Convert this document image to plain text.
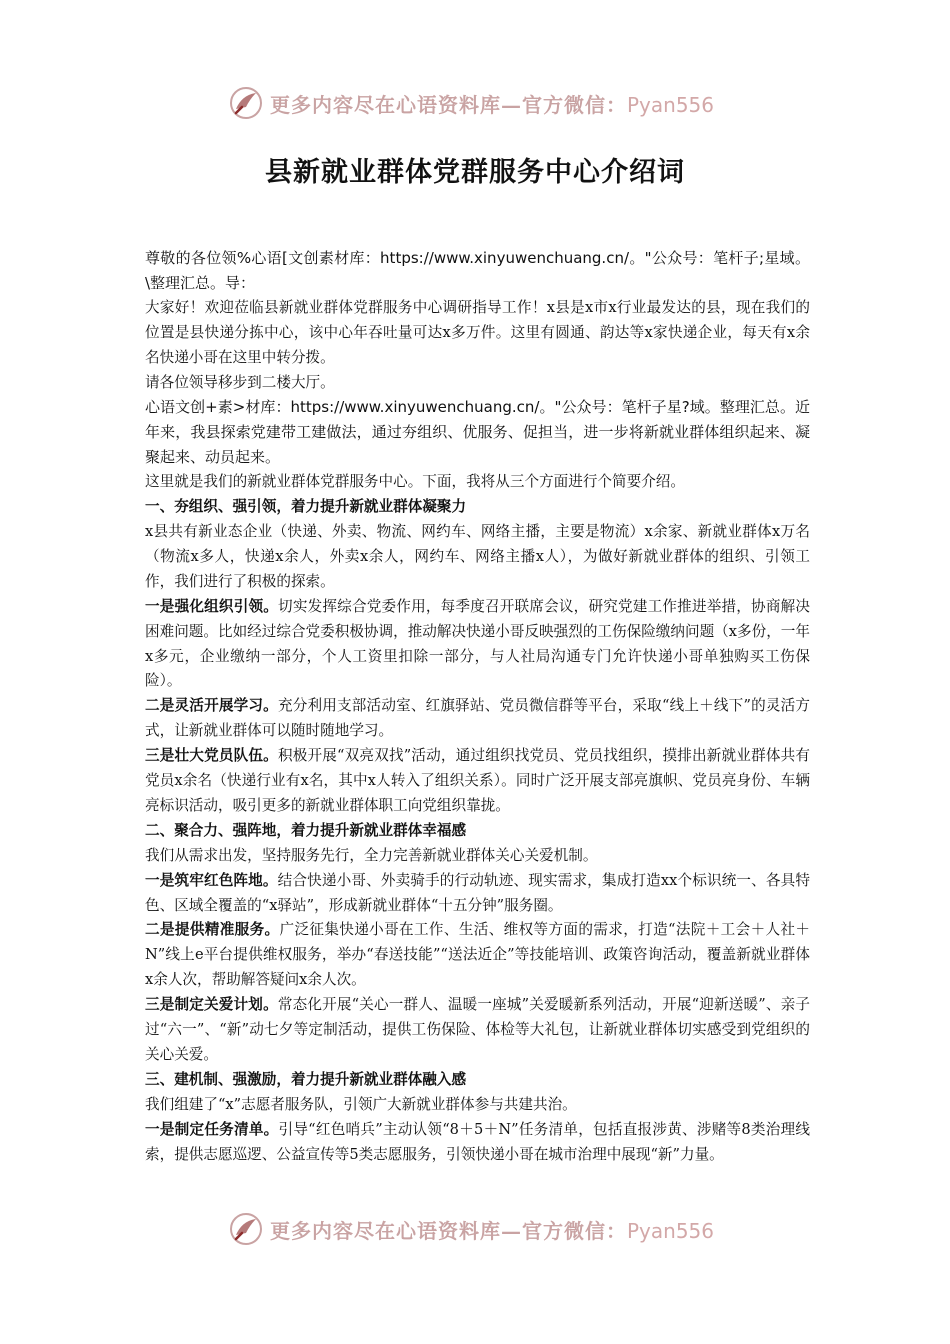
更多内容尽在心语资料库—官方微信：Pyan556
县新就业群体党群服务中心介绍词

尊敬的各位领%心语[文创素材库：https://www.xinyuwenchuang.cn/。"公众号：笔杆子;星域。\整理汇总。导：

大家好！欢迎莅临县新就业群体党群服务中心调研指导工作！x县是x市x行业最发达的县，现在我们的位置是县快递分拣中心，该中心年吞吐量可达x多万件。这里有圆通、韵达等x家快递企业，每天有x余名快递小哥在这里中转分拨。

请各位领导移步到二楼大厅。

心语文创+素>材库：https://www.xinyuwenchuang.cn/。"公众号：笔杆子星?域。整理汇总。近年来，我县探索党建带工建做法，通过夯组织、优服务、促担当，进一步将新就业群体组织起来、凝聚起来、动员起来。

这里就是我们的新就业群体党群服务中心。下面，我将从三个方面进行个简要介绍。

一、夯组织、强引领，着力提升新就业群体凝聚力

x县共有新业态企业（快递、外卖、物流、网约车、网络主播，主要是物流）x余家、新就业群体x万名（物流x多人，快递x余人，外卖x余人，网约车、网络主播x人），为做好新就业群体的组织、引领工作，我们进行了积极的探索。

一是强化组织引领。切实发挥综合党委作用，每季度召开联席会议，研究党建工作推进举措，协商解决困难问题。比如经过综合党委积极协调，推动解决快递小哥反映强烈的工伤保险缴纳问题（x多份，一年x多元，企业缴纳一部分，个人工资里扣除一部分，与人社局沟通专门允许快递小哥单独购买工伤保险）。

二是灵活开展学习。充分利用支部活动室、红旗驿站、党员微信群等平台，采取“线上＋线下”的灵活方式，让新就业群体可以随时随地学习。

三是壮大党员队伍。积极开展“双亮双找”活动，通过组织找党员、党员找组织，摸排出新就业群体共有党员x余名（快递行业有x名，其中x人转入了组织关系）。同时广泛开展支部亮旗帜、党员亮身份、车辆亮标识活动，吸引更多的新就业群体职工向党组织靠拢。

二、聚合力、强阵地，着力提升新就业群体幸福感

我们从需求出发，坚持服务先行，全力完善新就业群体关心关爱机制。

一是筑牢红色阵地。结合快递小哥、外卖骑手的行动轨迹、现实需求，集成打造xx个标识统一、各具特色、区域全覆盖的“x驿站”，形成新就业群体“十五分钟”服务圈。

二是提供精准服务。广泛征集快递小哥在工作、生活、维权等方面的需求，打造“法院＋工会＋人社＋N”线上e平台提供维权服务，举办“春送技能”“送法近企”等技能培训、政策咨询活动，覆盖新就业群体x余人次，帮助解答疑问x余人次。

三是制定关爱计划。常态化开展“关心一群人、温暖一座城”关爱暖新系列活动，开展“迎新送暖”、亲子过“六一”、“新”动七夕等定制活动，提供工伤保险、体检等大礼包，让新就业群体切实感受到党组织的关心关爱。

三、建机制、强激励，着力提升新就业群体融入感

我们组建了“x”志愿者服务队，引领广大新就业群体参与共建共治。

一是制定任务清单。引导“红色哨兵”主动认领“8＋5＋N”任务清单，包括直报涉黄、涉赌等8类治理线索，提供志愿巡逻、公益宣传等5类志愿服务，引领快递小哥在城市治理中展现“新”力量。

更多内容尽在心语资料库—官方微信：Pyan556
